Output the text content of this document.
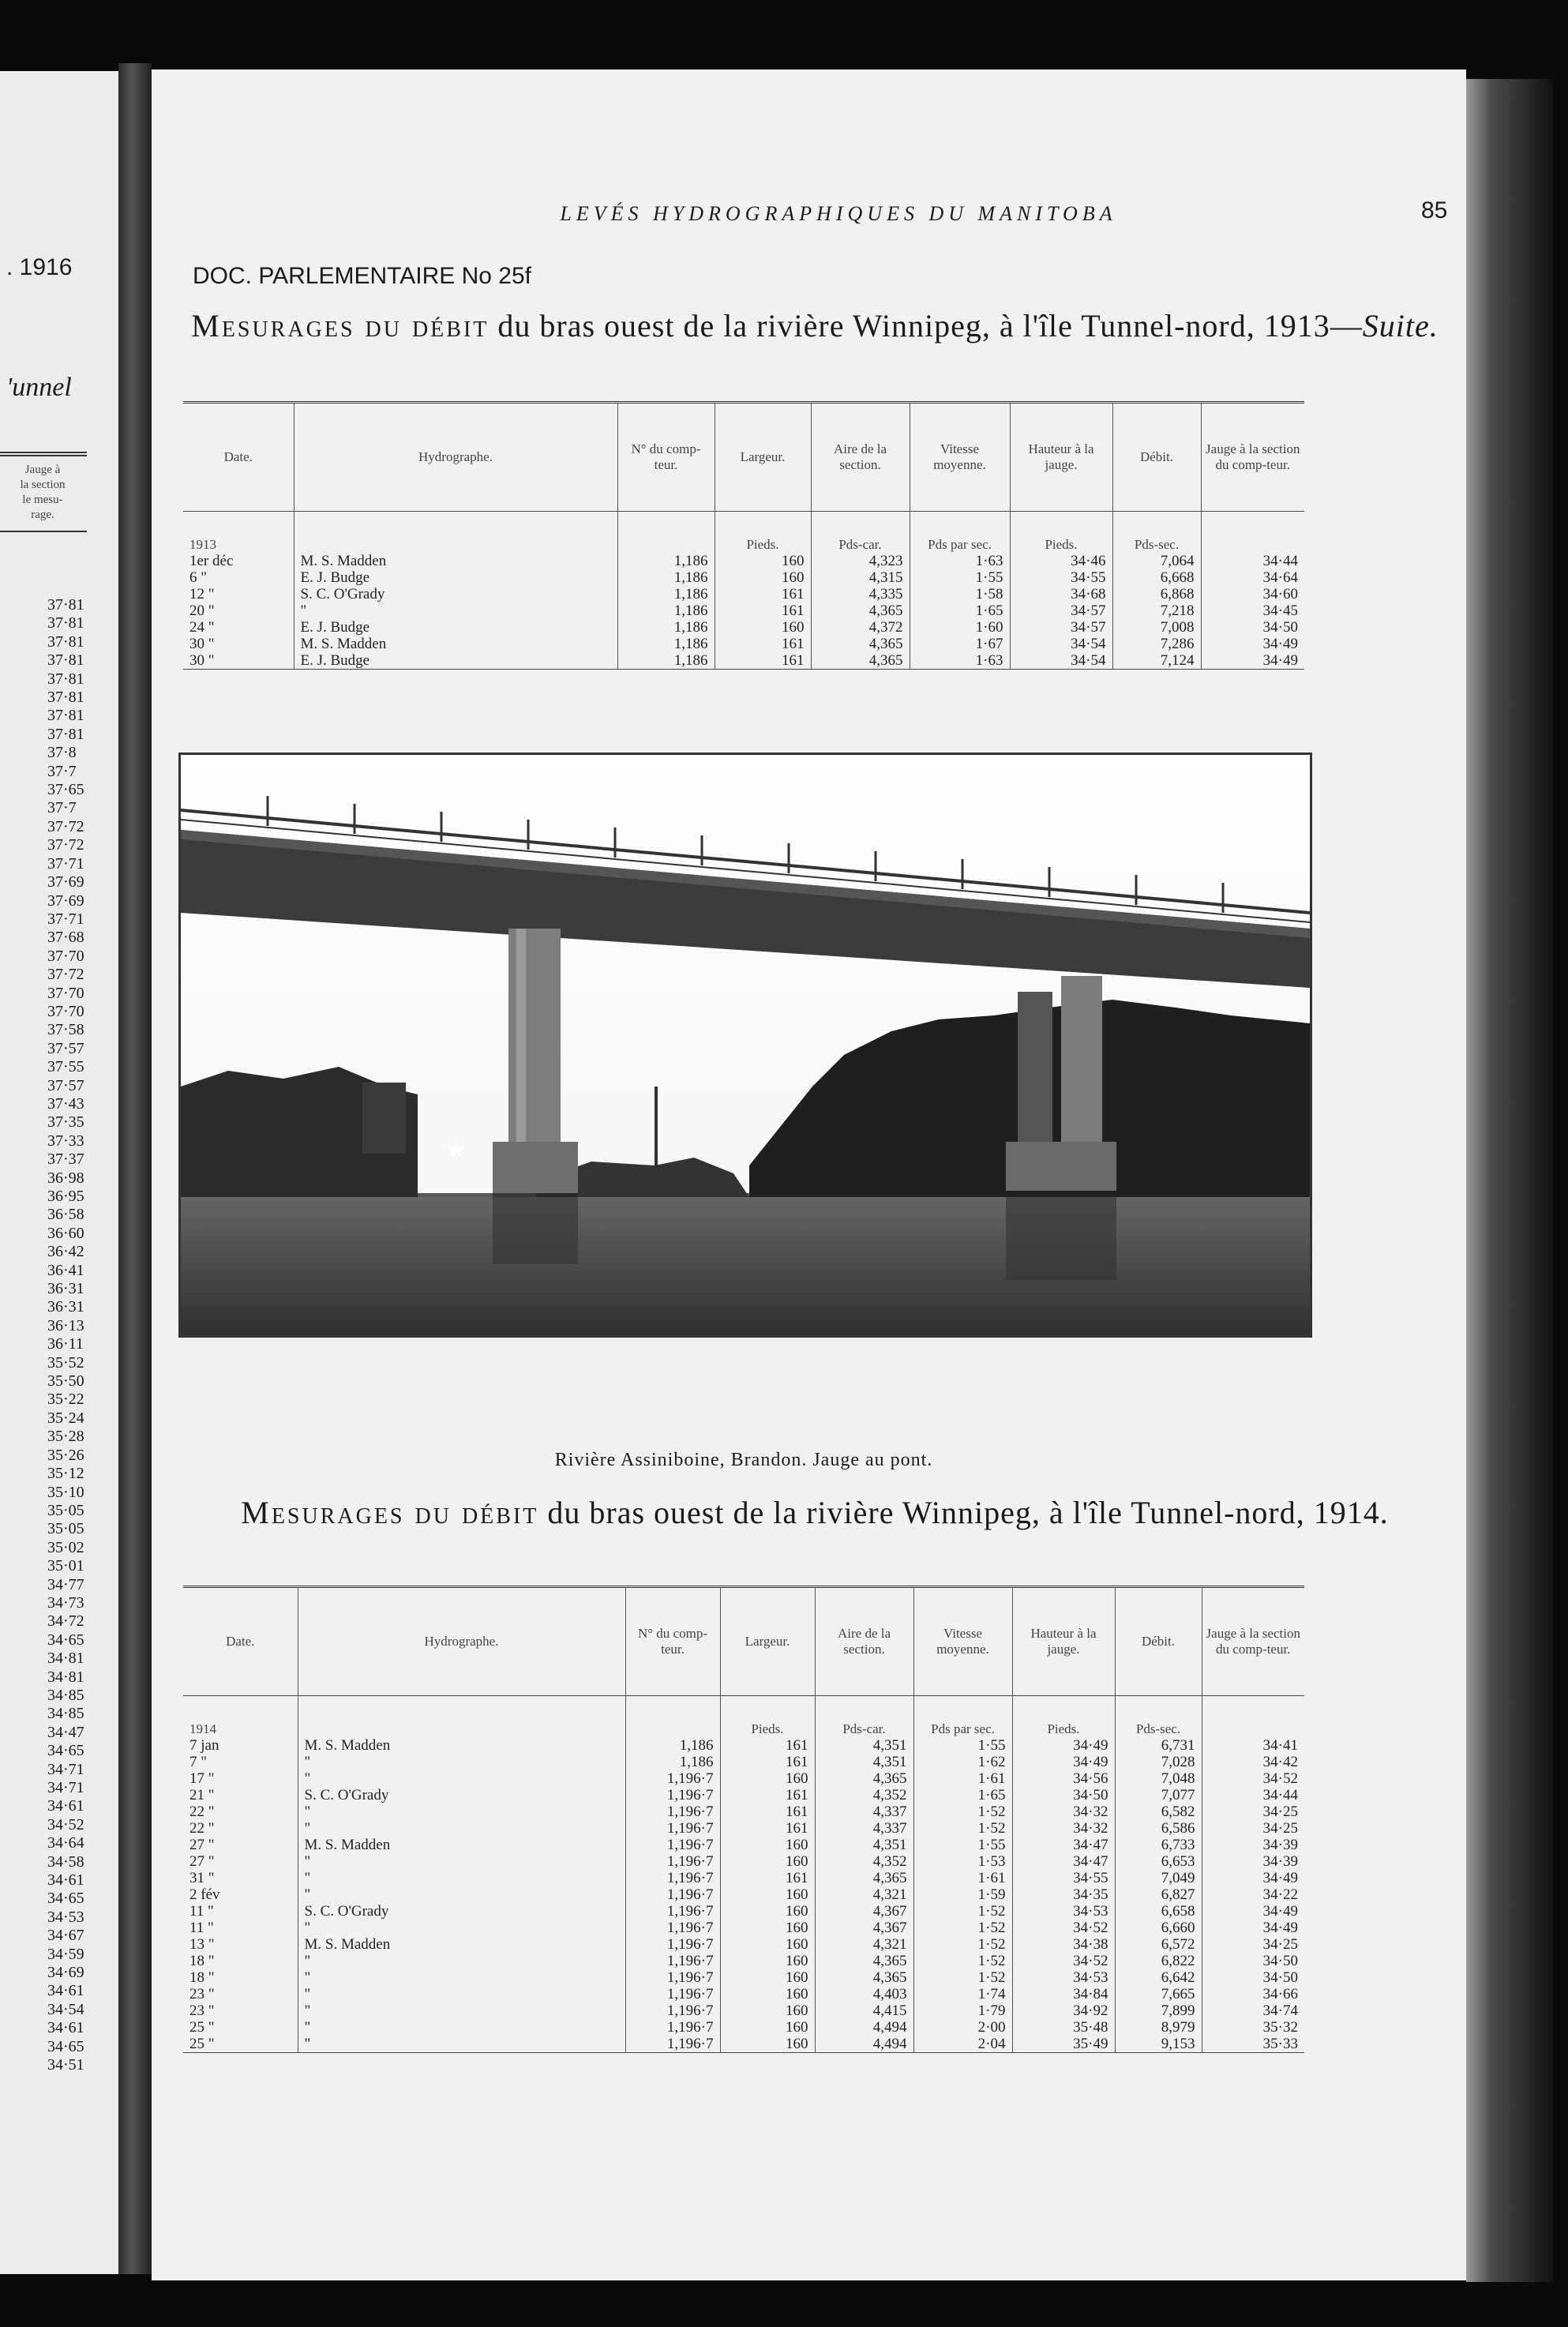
. 1916
'unnel
Jauge à
la section
le mesu-
rage.
37·81
37·81
37·81
37·81
37·81
37·81
37·81
37·81
37·8
37·7
37·65
37·7
37·72
37·72
37·71
37·69
37·69
37·71
37·68
37·70
37·72
37·70
37·70
37·58
37·57
37·55
37·57
37·43
37·35
37·33
37·37
36·98
36·95
36·58
36·60
36·42
36·41
36·31
36·31
36·13
36·11
35·52
35·50
35·22
35·24
35·28
35·26
35·12
35·10
35·05
35·05
35·02
35·01
34·77
34·73
34·72
34·65
34·81
34·81
34·85
34·85
34·47
34·65
34·71
34·71
34·61
34·52
34·64
34·58
34·61
34·65
34·53
34·67
34·59
34·69
34·61
34·54
34·61
34·65
34·51
LEVÉS HYDROGRAPHIQUES DU MANITOBA	85
DOC. PARLEMENTAIRE No 25f
Mesurages du débit du bras ouest de la rivière Winnipeg, à l'île Tunnel-nord, 1913—Suite.
Date.	Hydrographe.	N° du comp-teur.	Largeur.	Aire de la section.	Vitesse moyenne.	Hauteur à la jauge.	Débit.	Jauge à la section du comp-teur.
1913			Pieds.	Pds-car.	Pds par sec.	Pieds.	Pds-sec.	
1er déc	M. S. Madden	1,186	160	4,323	1·63	34·46	7,064	34·44
6 "	E. J. Budge	1,186	160	4,315	1·55	34·55	6,668	34·64
12 "	S. C. O'Grady	1,186	161	4,335	1·58	34·68	6,868	34·60
20 "	"	1,186	161	4,365	1·65	34·57	7,218	34·45
24 "	E. J. Budge	1,186	160	4,372	1·60	34·57	7,008	34·50
30 "	M. S. Madden	1,186	161	4,365	1·67	34·54	7,286	34·49
30 "	E. J. Budge	1,186	161	4,365	1·63	34·54	7,124	34·49
★
Rivière Assiniboine, Brandon. Jauge au pont.
Mesurages du débit du bras ouest de la rivière Winnipeg, à l'île Tunnel-nord, 1914.
Date.	Hydrographe.	N° du comp-teur.	Largeur.	Aire de la section.	Vitesse moyenne.	Hauteur à la jauge.	Débit.	Jauge à la section du comp-teur.
1914			Pieds.	Pds-car.	Pds par sec.	Pieds.	Pds-sec.	
7 jan	M. S. Madden	1,186	161	4,351	1·55	34·49	6,731	34·41
7 "	"	1,186	161	4,351	1·62	34·49	7,028	34·42
17 "	"	1,196·7	160	4,365	1·61	34·56	7,048	34·52
21 "	S. C. O'Grady	1,196·7	161	4,352	1·65	34·50	7,077	34·44
22 "	"	1,196·7	161	4,337	1·52	34·32	6,582	34·25
22 "	"	1,196·7	161	4,337	1·52	34·32	6,586	34·25
27 "	M. S. Madden	1,196·7	160	4,351	1·55	34·47	6,733	34·39
27 "	"	1,196·7	160	4,352	1·53	34·47	6,653	34·39
31 "	"	1,196·7	161	4,365	1·61	34·55	7,049	34·49
2 fév	"	1,196·7	160	4,321	1·59	34·35	6,827	34·22
11 "	S. C. O'Grady	1,196·7	160	4,367	1·52	34·53	6,658	34·49
11 "	"	1,196·7	160	4,367	1·52	34·52	6,660	34·49
13 "	M. S. Madden	1,196·7	160	4,321	1·52	34·38	6,572	34·25
18 "	"	1,196·7	160	4,365	1·52	34·52	6,822	34·50
18 "	"	1,196·7	160	4,365	1·52	34·53	6,642	34·50
23 "	"	1,196·7	160	4,403	1·74	34·84	7,665	34·66
23 "	"	1,196·7	160	4,415	1·79	34·92	7,899	34·74
25 "	"	1,196·7	160	4,494	2·00	35·48	8,979	35·32
25 "	"	1,196·7	160	4,494	2·04	35·49	9,153	35·33
